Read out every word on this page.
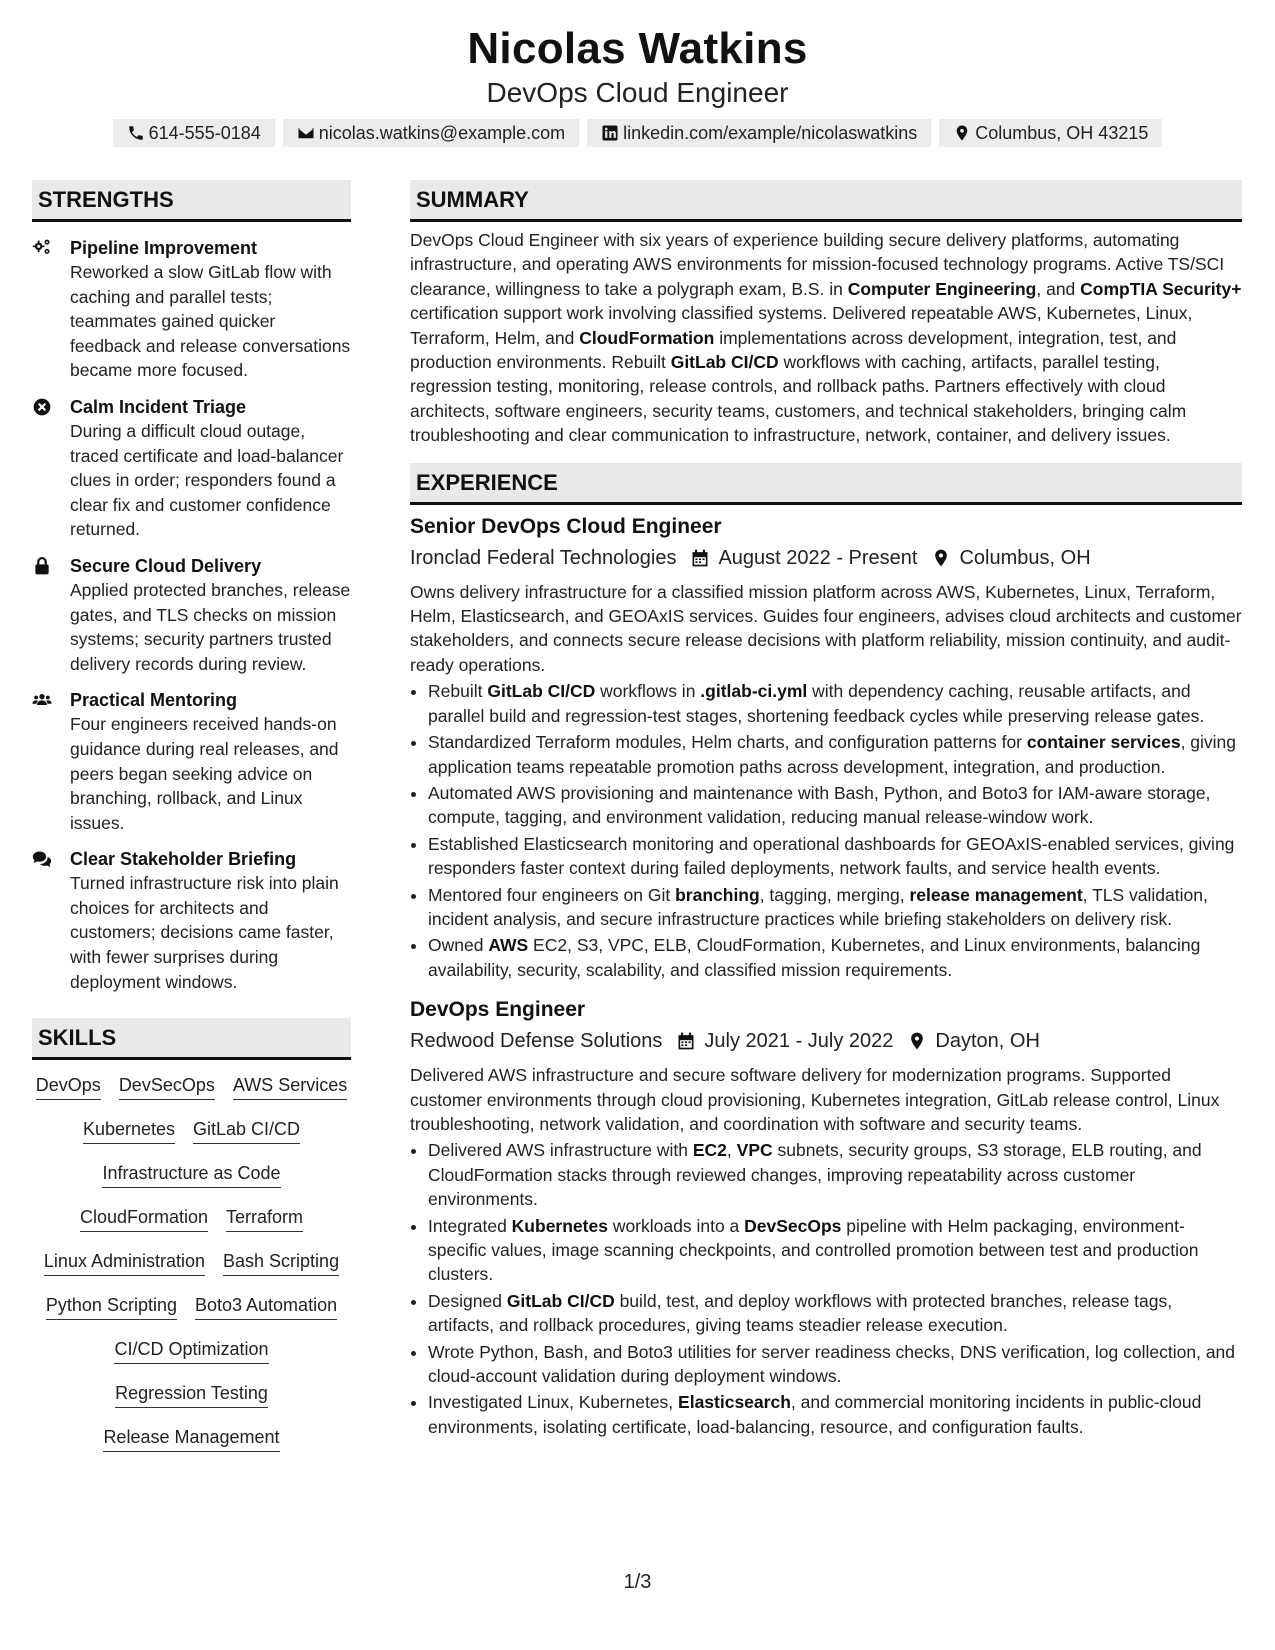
Nicolas Watkins
DevOps Cloud Engineer
614-555-0184	nicolas.watkins@example.com	linkedin.com/example/nicolaswatkins	Columbus, OH 43215
STRENGTHS
Pipeline Improvement
Reworked a slow GitLab flow with caching and parallel tests; teammates gained quicker feedback and release conversations became more focused.
Calm Incident Triage
During a difficult cloud outage, traced certificate and load-balancer clues in order; responders found a clear fix and customer confidence returned.
Secure Cloud Delivery
Applied protected branches, release gates, and TLS checks on mission systems; security partners trusted delivery records during review.
Practical Mentoring
Four engineers received hands-on guidance during real releases, and peers began seeking advice on branching, rollback, and Linux issues.
Clear Stakeholder Briefing
Turned infrastructure risk into plain choices for architects and customers; decisions came faster, with fewer surprises during deployment windows.
SKILLS
DevOps DevSecOps AWS Services
Kubernetes GitLab CI/CD
Infrastructure as Code
CloudFormation Terraform
Linux Administration Bash Scripting
Python Scripting Boto3 Automation
CI/CD Optimization
Regression Testing
Release Management
SUMMARY
DevOps Cloud Engineer with six years of experience building secure delivery platforms, automating infrastructure, and operating AWS environments for mission-focused technology programs. Active TS/SCI clearance, willingness to take a polygraph exam, B.S. in Computer Engineering, and CompTIA Security+ certification support work involving classified systems. Delivered repeatable AWS, Kubernetes, Linux, Terraform, Helm, and CloudFormation implementations across development, integration, test, and production environments. Rebuilt GitLab CI/CD workflows with caching, artifacts, parallel testing, regression testing, monitoring, release controls, and rollback paths. Partners effectively with cloud architects, software engineers, security teams, customers, and technical stakeholders, bringing calm troubleshooting and clear communication to infrastructure, network, container, and delivery issues.
EXPERIENCE
Senior DevOps Cloud Engineer
Ironclad Federal Technologies August 2022 - Present Columbus, OH
Owns delivery infrastructure for a classified mission platform across AWS, Kubernetes, Linux, Terraform, Helm, Elasticsearch, and GEOAxIS services. Guides four engineers, advises cloud architects and customer stakeholders, and connects secure release decisions with platform reliability, mission continuity, and audit-ready operations.
• Rebuilt GitLab CI/CD workflows in .gitlab-ci.yml with dependency caching, reusable artifacts, and parallel build and regression-test stages, shortening feedback cycles while preserving release gates.
• Standardized Terraform modules, Helm charts, and configuration patterns for container services, giving application teams repeatable promotion paths across development, integration, and production.
• Automated AWS provisioning and maintenance with Bash, Python, and Boto3 for IAM-aware storage, compute, tagging, and environment validation, reducing manual release-window work.
• Established Elasticsearch monitoring and operational dashboards for GEOAxIS-enabled services, giving responders faster context during failed deployments, network faults, and service health events.
• Mentored four engineers on Git branching, tagging, merging, release management, TLS validation, incident analysis, and secure infrastructure practices while briefing stakeholders on delivery risk.
• Owned AWS EC2, S3, VPC, ELB, CloudFormation, Kubernetes, and Linux environments, balancing availability, security, scalability, and classified mission requirements.
DevOps Engineer
Redwood Defense Solutions July 2021 - July 2022 Dayton, OH
Delivered AWS infrastructure and secure software delivery for modernization programs. Supported customer environments through cloud provisioning, Kubernetes integration, GitLab release control, Linux troubleshooting, network validation, and coordination with software and security teams.
• Delivered AWS infrastructure with EC2, VPC subnets, security groups, S3 storage, ELB routing, and CloudFormation stacks through reviewed changes, improving repeatability across customer environments.
• Integrated Kubernetes workloads into a DevSecOps pipeline with Helm packaging, environment-specific values, image scanning checkpoints, and controlled promotion between test and production clusters.
• Designed GitLab CI/CD build, test, and deploy workflows with protected branches, release tags, artifacts, and rollback procedures, giving teams steadier release execution.
• Wrote Python, Bash, and Boto3 utilities for server readiness checks, DNS verification, log collection, and cloud-account validation during deployment windows.
• Investigated Linux, Kubernetes, Elasticsearch, and commercial monitoring incidents in public-cloud environments, isolating certificate, load-balancing, resource, and configuration faults.
1/3
